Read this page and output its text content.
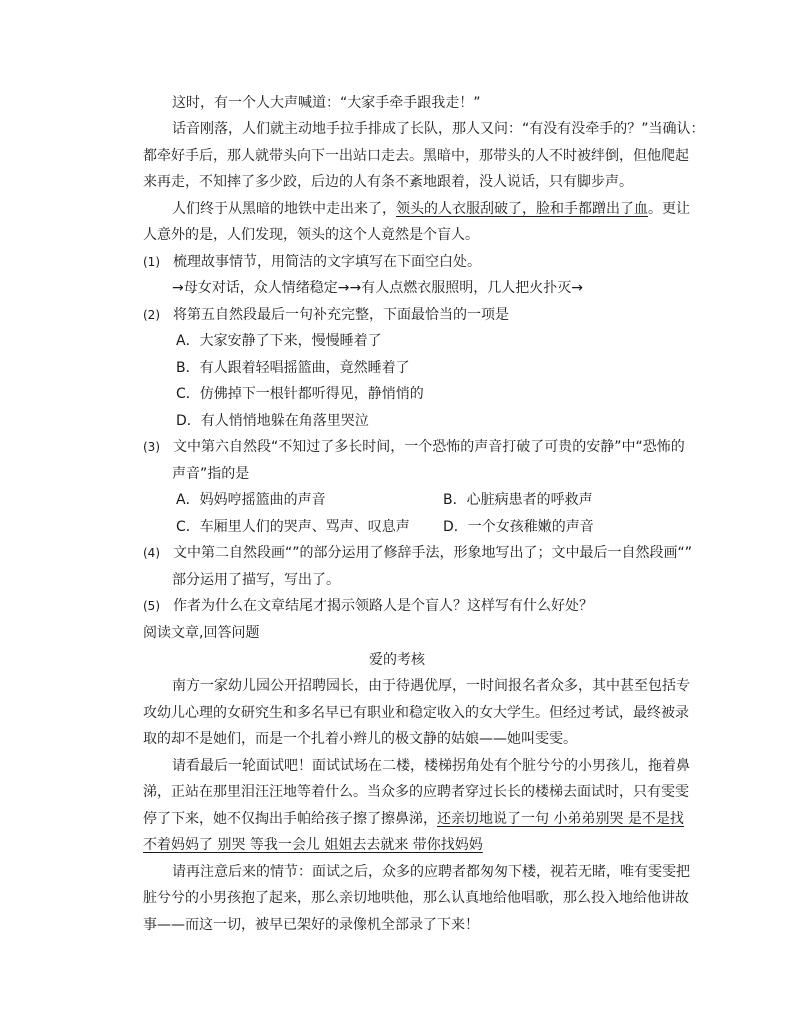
这时，有一个人大声喊道：“大家手牵手跟我走！”
话音刚落，人们就主动地手拉手排成了长队，那人又问：“有没有没牵手的？”当确认：
都牵好手后，那人就带头向下一出站口走去。黑暗中，那带头的人不时被绊倒，但他爬起
来再走，不知摔了多少跤，后边的人有条不紊地跟着，没人说话，只有脚步声。
人们终于从黑暗的地铁中走出来了，领头的人衣服刮破了，脸和手都蹭出了血。更让
人意外的是，人们发现，领头的这个人竟然是个盲人。
(1) 梳理故事情节，用简洁的文字填写在下面空白处。
→母女对话，众人情绪稳定→→有人点燃衣服照明，几人把火扑灭→
(2) 将第五自然段最后一句补充完整，下面最恰当的一项是
A．大家安静了下来，慢慢睡着了
B．有人跟着轻唱摇篮曲，竟然睡着了
C．仿佛掉下一根针都听得见，静悄悄的
D．有人悄悄地躲在角落里哭泣
(3) 文中第六自然段“不知过了多长时间，一个恐怖的声音打破了可贵的安静”中“恐怖的
声音”指的是
A．妈妈哼摇篮曲的声音	B．心脏病患者的呼救声
C．车厢里人们的哭声、骂声、叹息声 D．一个女孩稚嫩的声音
(4) 文中第二自然段画“”的部分运用了修辞手法，形象地写出了；文中最后一自然段画“”
部分运用了描写，写出了。
(5) 作者为什么在文章结尾才揭示领路人是个盲人？这样写有什么好处？
阅读文章,回答问题
爱的考核
南方一家幼儿园公开招聘园长，由于待遇优厚，一时间报名者众多，其中甚至包括专
攻幼儿心理的女研究生和多名早已有职业和稳定收入的女大学生。但经过考试，最终被录
取的却不是她们，而是一个扎着小辫儿的极文静的姑娘——她叫雯雯。
请看最后一轮面试吧！面试试场在二楼，楼梯拐角处有个脏兮兮的小男孩儿，拖着鼻
涕，正站在那里泪汪汪地等着什么。当众多的应聘者穿过长长的楼梯去面试时，只有雯雯
停了下来，她不仅掏出手帕给孩子擦了擦鼻涕，还亲切地说了一句 小弟弟别哭 是不是找
不着妈妈了 别哭 等我一会儿 姐姐去去就来 带你找妈妈
请再注意后来的情节：面试之后，众多的应聘者都匆匆下楼，视若无睹，唯有雯雯把
脏兮兮的小男孩抱了起来，那么亲切地哄他，那么认真地给他唱歌，那么投入地给他讲故
事——而这一切，被早已架好的录像机全部录了下来！
